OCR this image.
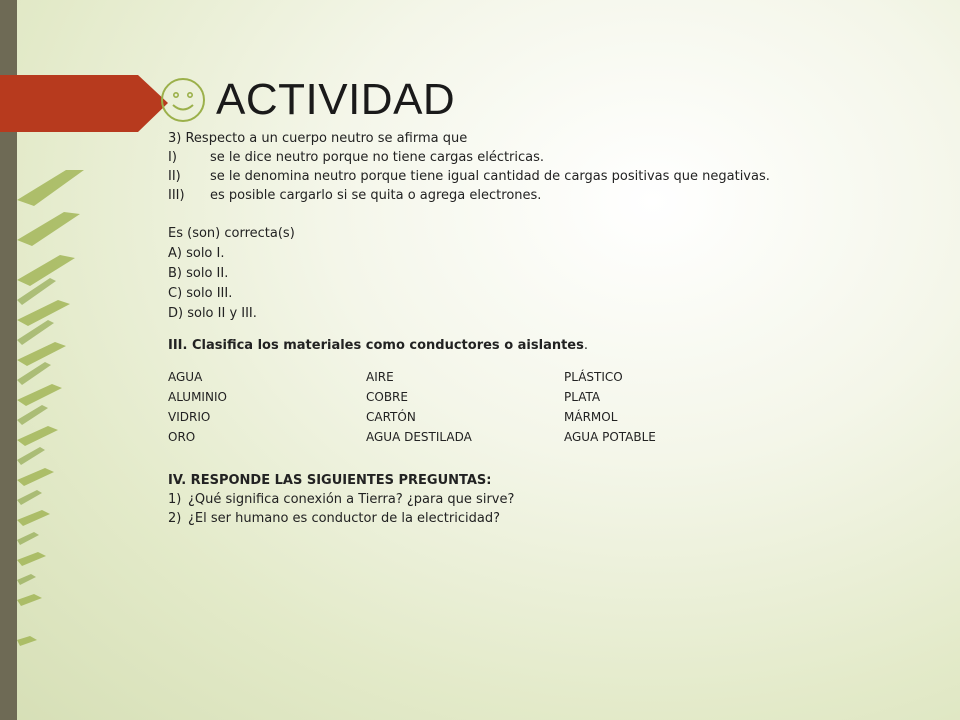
ACTIVIDAD
3) Respecto a un cuerpo neutro se afirma que
I)	se le dice neutro porque no tiene cargas eléctricas.
II)	se le denomina neutro porque tiene igual cantidad de cargas positivas que negativas.
III)	es posible cargarlo si se quita o agrega electrones.
Es (son) correcta(s)
A) solo I.
B) solo II.
C) solo III.
D) solo II y III.
III. Clasifica los materiales como conductores o aislantes.
AGUA	AIRE	PLÁSTICO
ALUMINIO	COBRE	PLATA
VIDRIO	CARTÓN	MÁRMOL
ORO	AGUA DESTILADA	AGUA POTABLE
IV. RESPONDE LAS SIGUIENTES PREGUNTAS:
1) ¿Qué significa conexión a Tierra? ¿para que sirve?
2) ¿El ser humano es conductor de la electricidad?
